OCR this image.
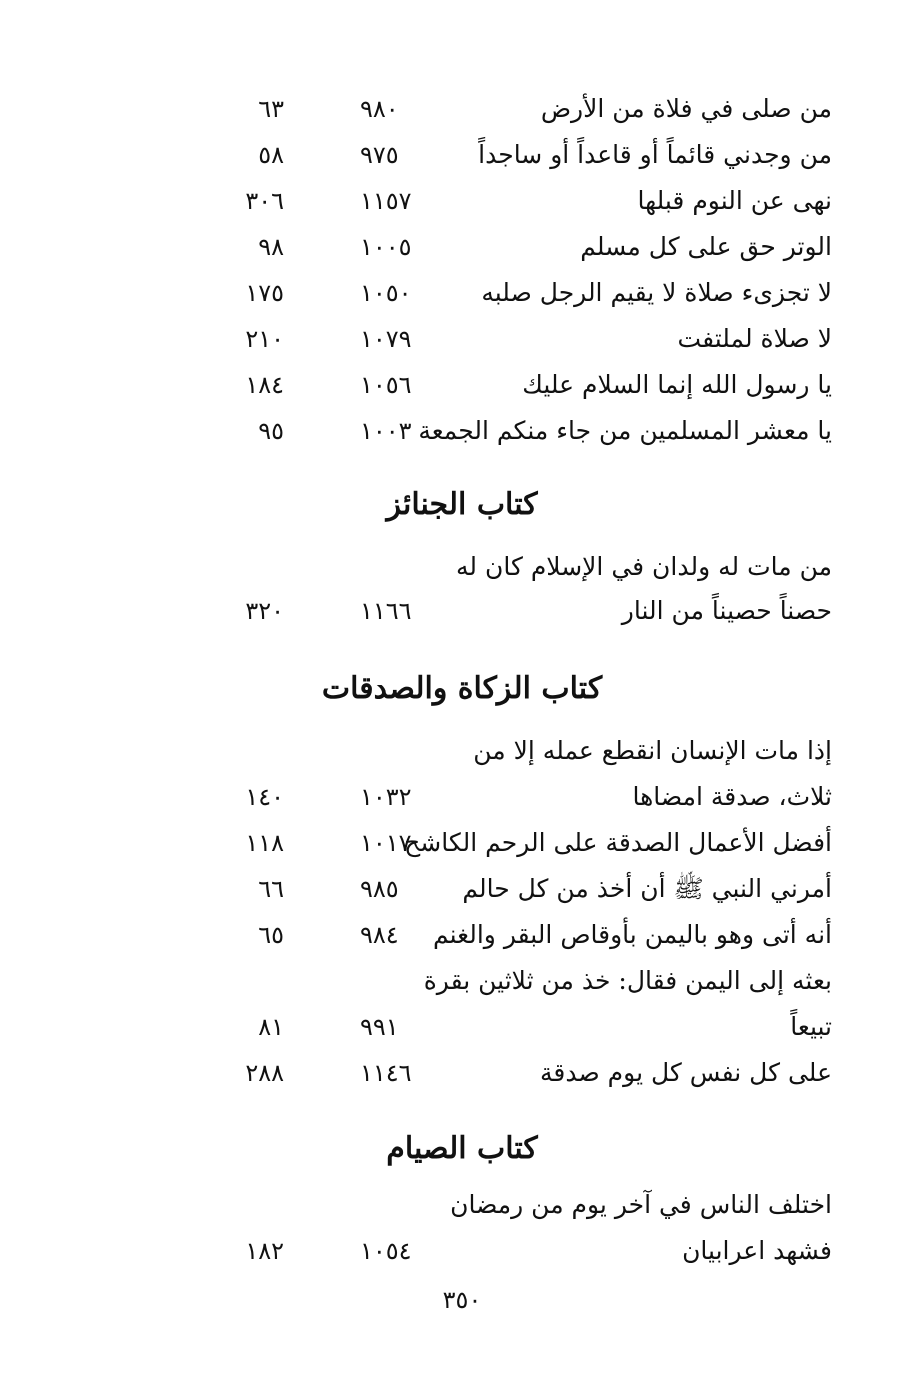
من صلى في فلاة من الأرض
٩٨٠
٦٣
من وجدني قائماً أو قاعداً أو ساجداً
٩٧٥
٥٨
نهى عن النوم قبلها
١١٥٧
٣٠٦
الوتر حق على كل مسلم
١٠٠٥
٩٨
لا تجزىء صلاة لا يقيم الرجل صلبه
١٠٥٠
١٧٥
لا صلاة لملتفت
١٠٧٩
٢١٠
يا رسول الله إنما السلام عليك
١٠٥٦
١٨٤
يا معشر المسلمين من جاء منكم الجمعة
١٠٠٣
٩٥
كتاب الجنائز
من مات له ولدان في الإسلام كان له
حصناً حصيناً من النار
١١٦٦
٣٢٠
كتاب الزكاة والصدقات
إذا مات الإنسان انقطع عمله إلا من
ثلاث، صدقة امضاها
١٠٣٢
١٤٠
أفضل الأعمال الصدقة على الرحم الكاشح
١٠١٧
١١٨
أمرني النبي ﷺ أن أخذ من كل حالم
٩٨٥
٦٦
أنه أتى وهو باليمن بأوقاص البقر والغنم
٩٨٤
٦٥
بعثه إلى اليمن فقال: خذ من ثلاثين بقرة
تبيعاً
٩٩١
٨١
على كل نفس كل يوم صدقة
١١٤٦
٢٨٨
كتاب الصيام
اختلف الناس في آخر يوم من رمضان
فشهد اعرابيان
١٠٥٤
١٨٢
٣٥٠
